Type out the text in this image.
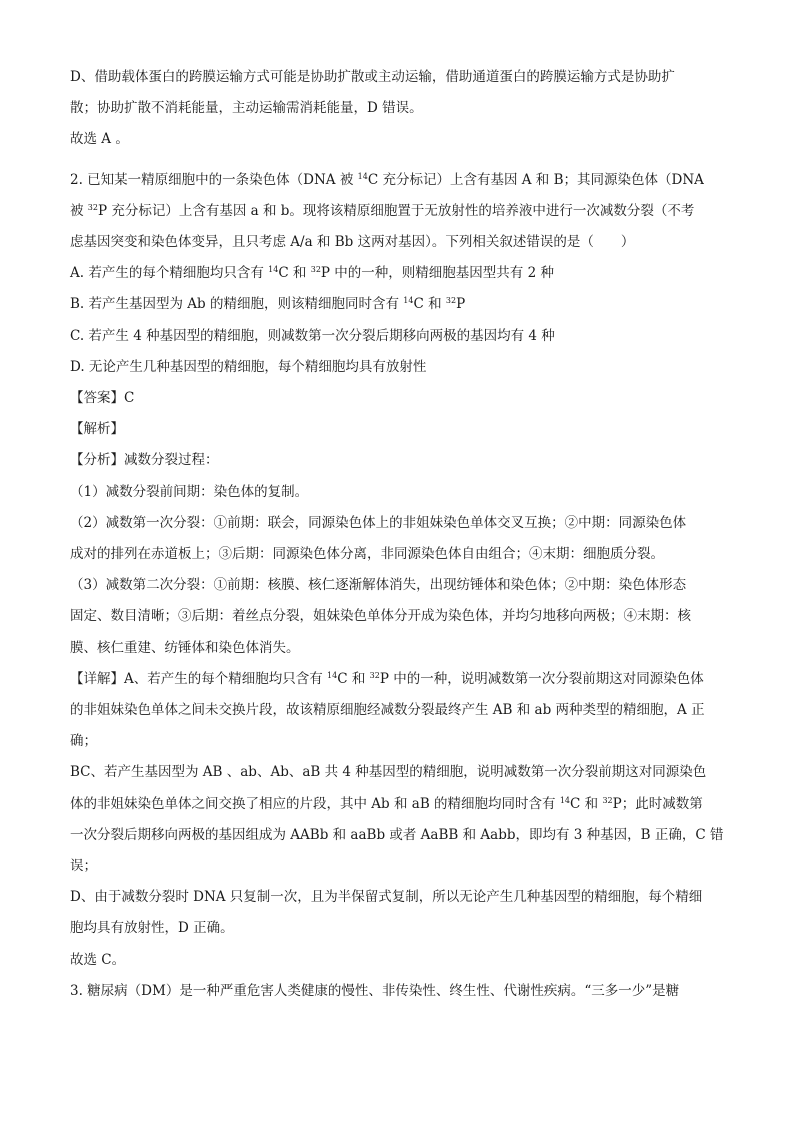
D、借助载体蛋白的跨膜运输方式可能是协助扩散或主动运输，借助通道蛋白的跨膜运输方式是协助扩
散；协助扩散不消耗能量，主动运输需消耗能量，D 错误。

故选 A 。

2. 已知某一精原细胞中的一条染色体（DNA 被 $^{14}$C 充分标记）上含有基因 A 和 B；其同源染色体（DNA
被 $^{32}$P 充分标记）上含有基因 a 和 b。现将该精原细胞置于无放射性的培养液中进行一次减数分裂（不考
虑基因突变和染色体变异，且只考虑 A/a 和 Bb 这两对基因）。下列相关叙述错误的是（　　）

A. 若产生的每个精细胞均只含有 $^{14}$C 和 $^{32}$P 中的一种，则精细胞基因型共有 2 种

B. 若产生基因型为 Ab 的精细胞，则该精细胞同时含有 $^{14}$C 和 $^{32}$P

C. 若产生 4 种基因型的精细胞，则减数第一次分裂后期移向两极的基因均有 4 种

D. 无论产生几种基因型的精细胞，每个精细胞均具有放射性

【答案】C

【解析】

【分析】减数分裂过程：

（1）减数分裂前间期：染色体的复制。

（2）减数第一次分裂：①前期：联会，同源染色体上的非姐妹染色单体交叉互换；②中期：同源染色体
成对的排列在赤道板上；③后期：同源染色体分离，非同源染色体自由组合；④末期：细胞质分裂。

（3）减数第二次分裂：①前期：核膜、核仁逐渐解体消失，出现纺锤体和染色体；②中期：染色体形态
固定、数目清晰；③后期：着丝点分裂，姐妹染色单体分开成为染色体，并均匀地移向两极；④末期：核
膜、核仁重建、纺锤体和染色体消失。

【详解】A、若产生的每个精细胞均只含有 $^{14}$C 和 $^{32}$P 中的一种，说明减数第一次分裂前期这对同源染色体
的非姐妹染色单体之间未交换片段，故该精原细胞经减数分裂最终产生 AB 和 ab 两种类型的精细胞，A 正
确；

BC、若产生基因型为 AB 、ab、Ab、aB 共 4 种基因型的精细胞，说明减数第一次分裂前期这对同源染色
体的非姐妹染色单体之间交换了相应的片段，其中 Ab 和 aB 的精细胞均同时含有 $^{14}$C 和 $^{32}$P；此时减数第
一次分裂后期移向两极的基因组成为 AABb 和 aaBb 或者 AaBB 和 Aabb，即均有 3 种基因，B 正确，C 错
误；

D、由于减数分裂时 DNA 只复制一次，且为半保留式复制，所以无论产生几种基因型的精细胞，每个精细
胞均具有放射性，D 正确。

故选 C。

3. 糖尿病（DM）是一种严重危害人类健康的慢性、非传染性、终生性、代谢性疾病。“三多一少”是糖
